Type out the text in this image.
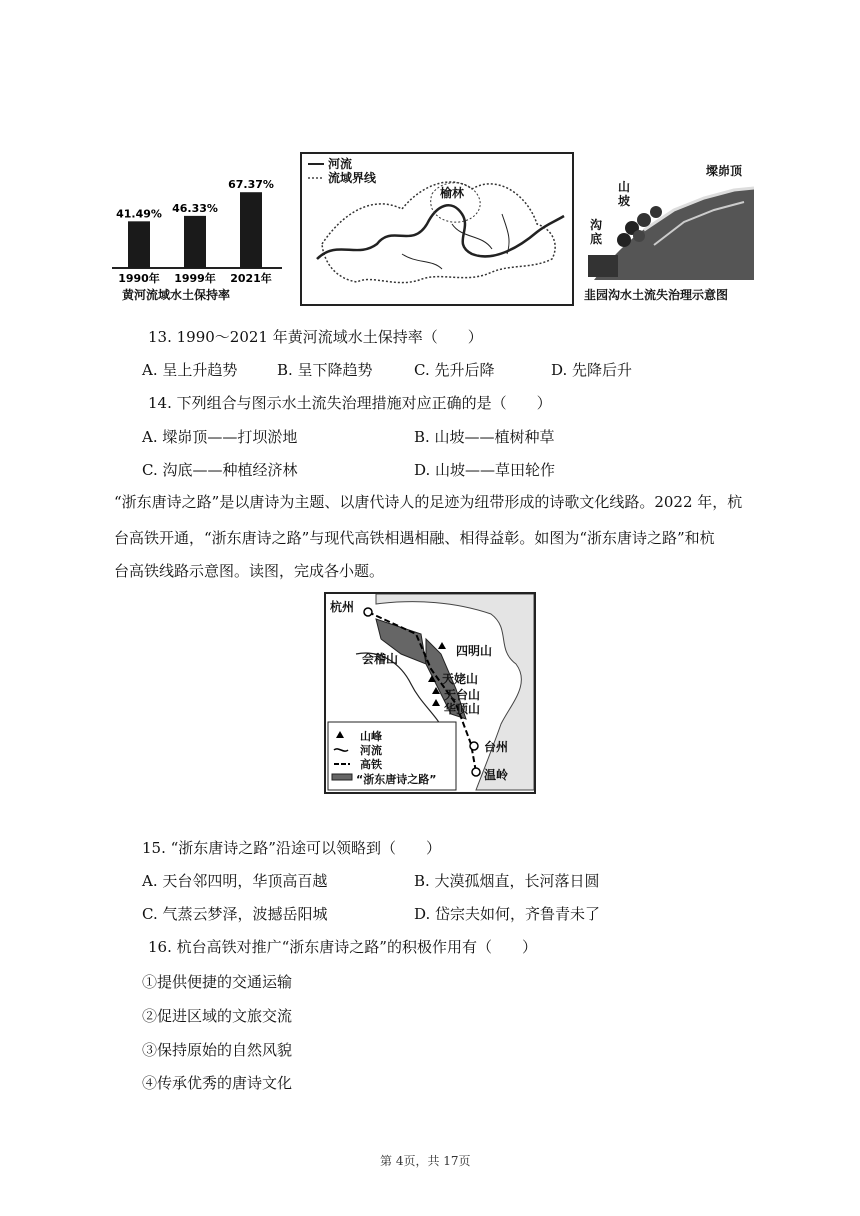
41.49%
1990年
46.33%
1999年
67.37%
2021年
黄河流域水土保持率
河流
流域界线
榆林
墚峁顶
山坡
沟底
韭园沟水土流失治理示意图
13. 1990～2021 年黄河流域水土保持率（　　）
A. 呈上升趋势	B. 呈下降趋势	C. 先升后降	D. 先降后升
14. 下列组合与图示水土流失治理措施对应正确的是（　　）
A. 墚峁顶——打坝淤地	B. 山坡——植树种草
C. 沟底——种植经济林	D. 山坡——草田轮作
“浙东唐诗之路”是以唐诗为主题、以唐代诗人的足迹为纽带形成的诗歌文化线路。2022 年，杭
台高铁开通，“浙东唐诗之路”与现代高铁相遇相融、相得益彰。如图为“浙东唐诗之路”和杭
台高铁线路示意图。读图，完成各小题。
杭州
会稽山
四明山
天姥山
天台山
华顶山
台州
温岭
山峰
河流
高铁
“浙东唐诗之路”
15. “浙东唐诗之路”沿途可以领略到（　　）
A. 天台邻四明，华顶高百越	B. 大漠孤烟直，长河落日圆
C. 气蒸云梦泽，波撼岳阳城	D. 岱宗夫如何，齐鲁青未了
16. 杭台高铁对推广“浙东唐诗之路”的积极作用有（　　）
①提供便捷的交通运输
②促进区域的文旅交流
③保持原始的自然风貌
④传承优秀的唐诗文化
第 4页，共 17页
